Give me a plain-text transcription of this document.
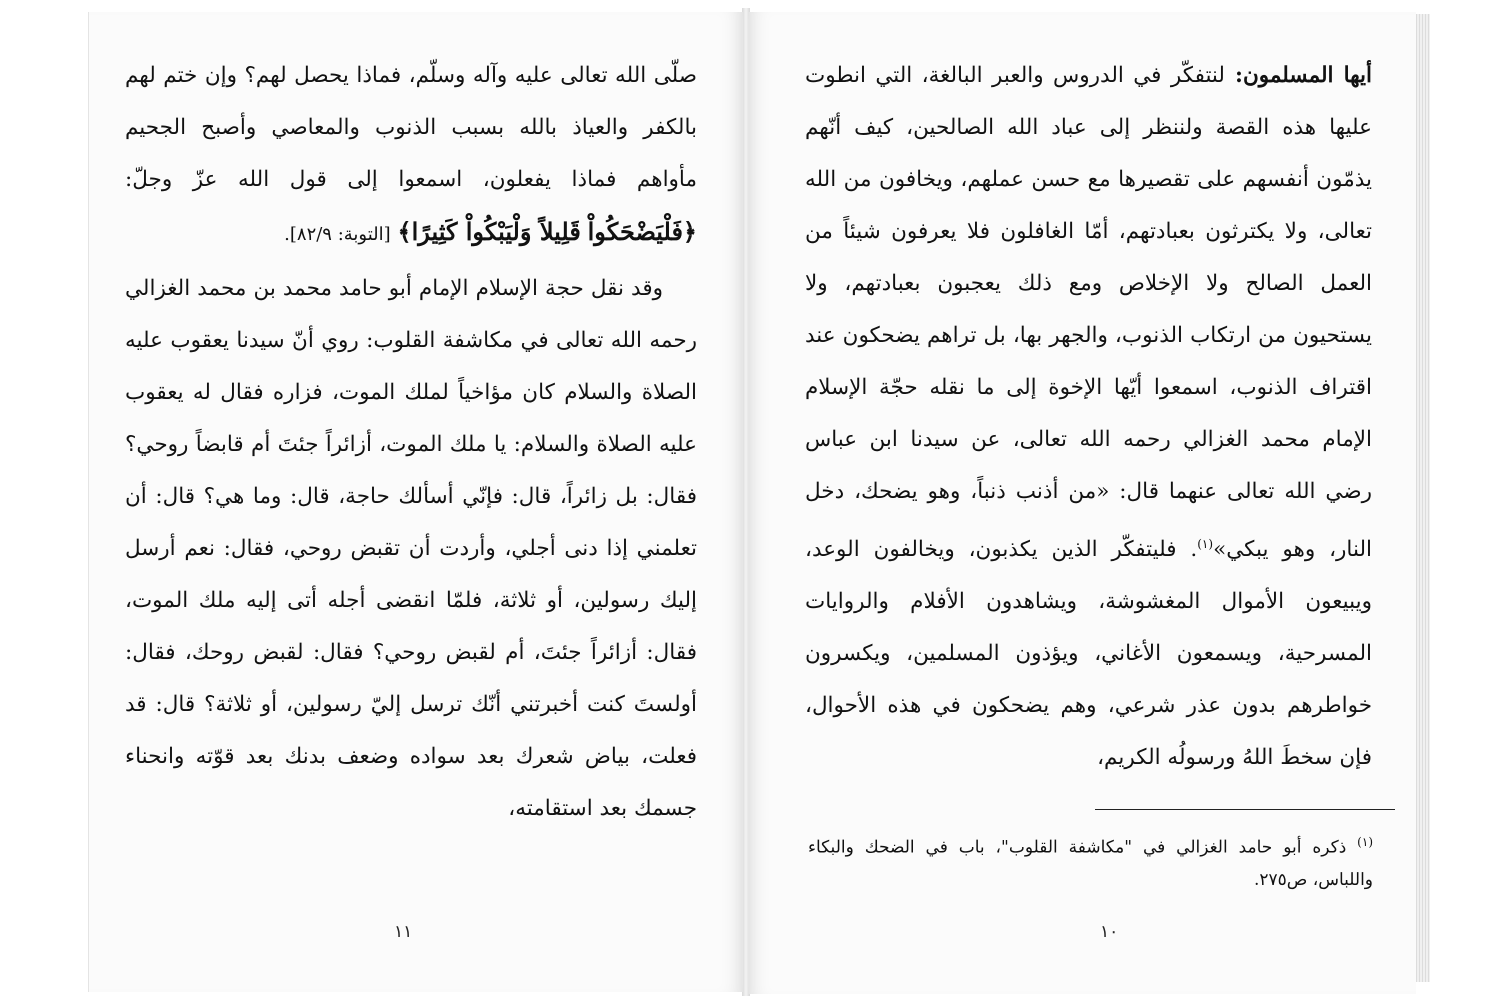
صلّى الله تعالى عليه وآله وسلّم، فماذا يحصل لهم؟ وإن ختم لهم بالكفر والعياذ بالله بسبب الذنوب والمعاصي وأصبح الجحيم مأواهم فماذا يفعلون، اسمعوا إلى قول الله عزّ وجلّ: ﴿فَلْيَضْحَكُواْ قَلِيلاً وَلْيَبْكُواْ كَثِيرًا﴾ [التوبة: ٨٢/٩].

وقد نقل حجة الإسلام الإمام أبو حامد محمد بن محمد الغزالي رحمه الله تعالى في مكاشفة القلوب: روي أنّ سيدنا يعقوب عليه الصلاة والسلام كان مؤاخياً لملك الموت، فزاره فقال له يعقوب عليه الصلاة والسلام: يا ملك الموت، أزائراً جئتَ أم قابضاً روحي؟ فقال: بل زائراً، قال: فإنّي أسألك حاجة، قال: وما هي؟ قال: أن تعلمني إذا دنى أجلي، وأردت أن تقبض روحي، فقال: نعم أرسل إليك رسولين، أو ثلاثة، فلمّا انقضى أجله أتى إليه ملك الموت، فقال: أزائراً جئتَ، أم لقبض روحي؟ فقال: لقبض روحك، فقال: أولستَ كنت أخبرتني أنّك ترسل إليّ رسولين، أو ثلاثة؟ قال: قد فعلت، بياض شعرك بعد سواده وضعف بدنك بعد قوّته وانحناء جسمك بعد استقامته،

أيها المسلمون: لنتفكّر في الدروس والعبر البالغة، التي انطوت عليها هذه القصة ولننظر إلى عباد الله الصالحين، كيف أنّهم يذمّون أنفسهم على تقصيرها مع حسن عملهم، ويخافون من الله تعالى، ولا يكترثون بعبادتهم، أمّا الغافلون فلا يعرفون شيئاً من العمل الصالح ولا الإخلاص ومع ذلك يعجبون بعبادتهم، ولا يستحيون من ارتكاب الذنوب، والجهر بها، بل تراهم يضحكون عند اقتراف الذنوب، اسمعوا أيّها الإخوة إلى ما نقله حجّة الإسلام الإمام محمد الغزالي رحمه الله تعالى، عن سيدنا ابن عباس رضي الله تعالى عنهما قال: «من أذنب ذنباً، وهو يضحك، دخل النار، وهو يبكي»$^{(١)}$. فليتفكّر الذين يكذبون، ويخالفون الوعد، ويبيعون الأموال المغشوشة، ويشاهدون الأفلام والروايات المسرحية، ويسمعون الأغاني، ويؤذون المسلمين، ويكسرون خواطرهم بدون عذر شرعي، وهم يضحكون في هذه الأحوال، فإن سخطَ اللهُ ورسولُه الكريم،

$^{(١)}$ ذكره أبو حامد الغزالي في "مكاشفة القلوب"، باب في الضحك والبكاء واللباس، ص٢٧٥.
١١	١٠
